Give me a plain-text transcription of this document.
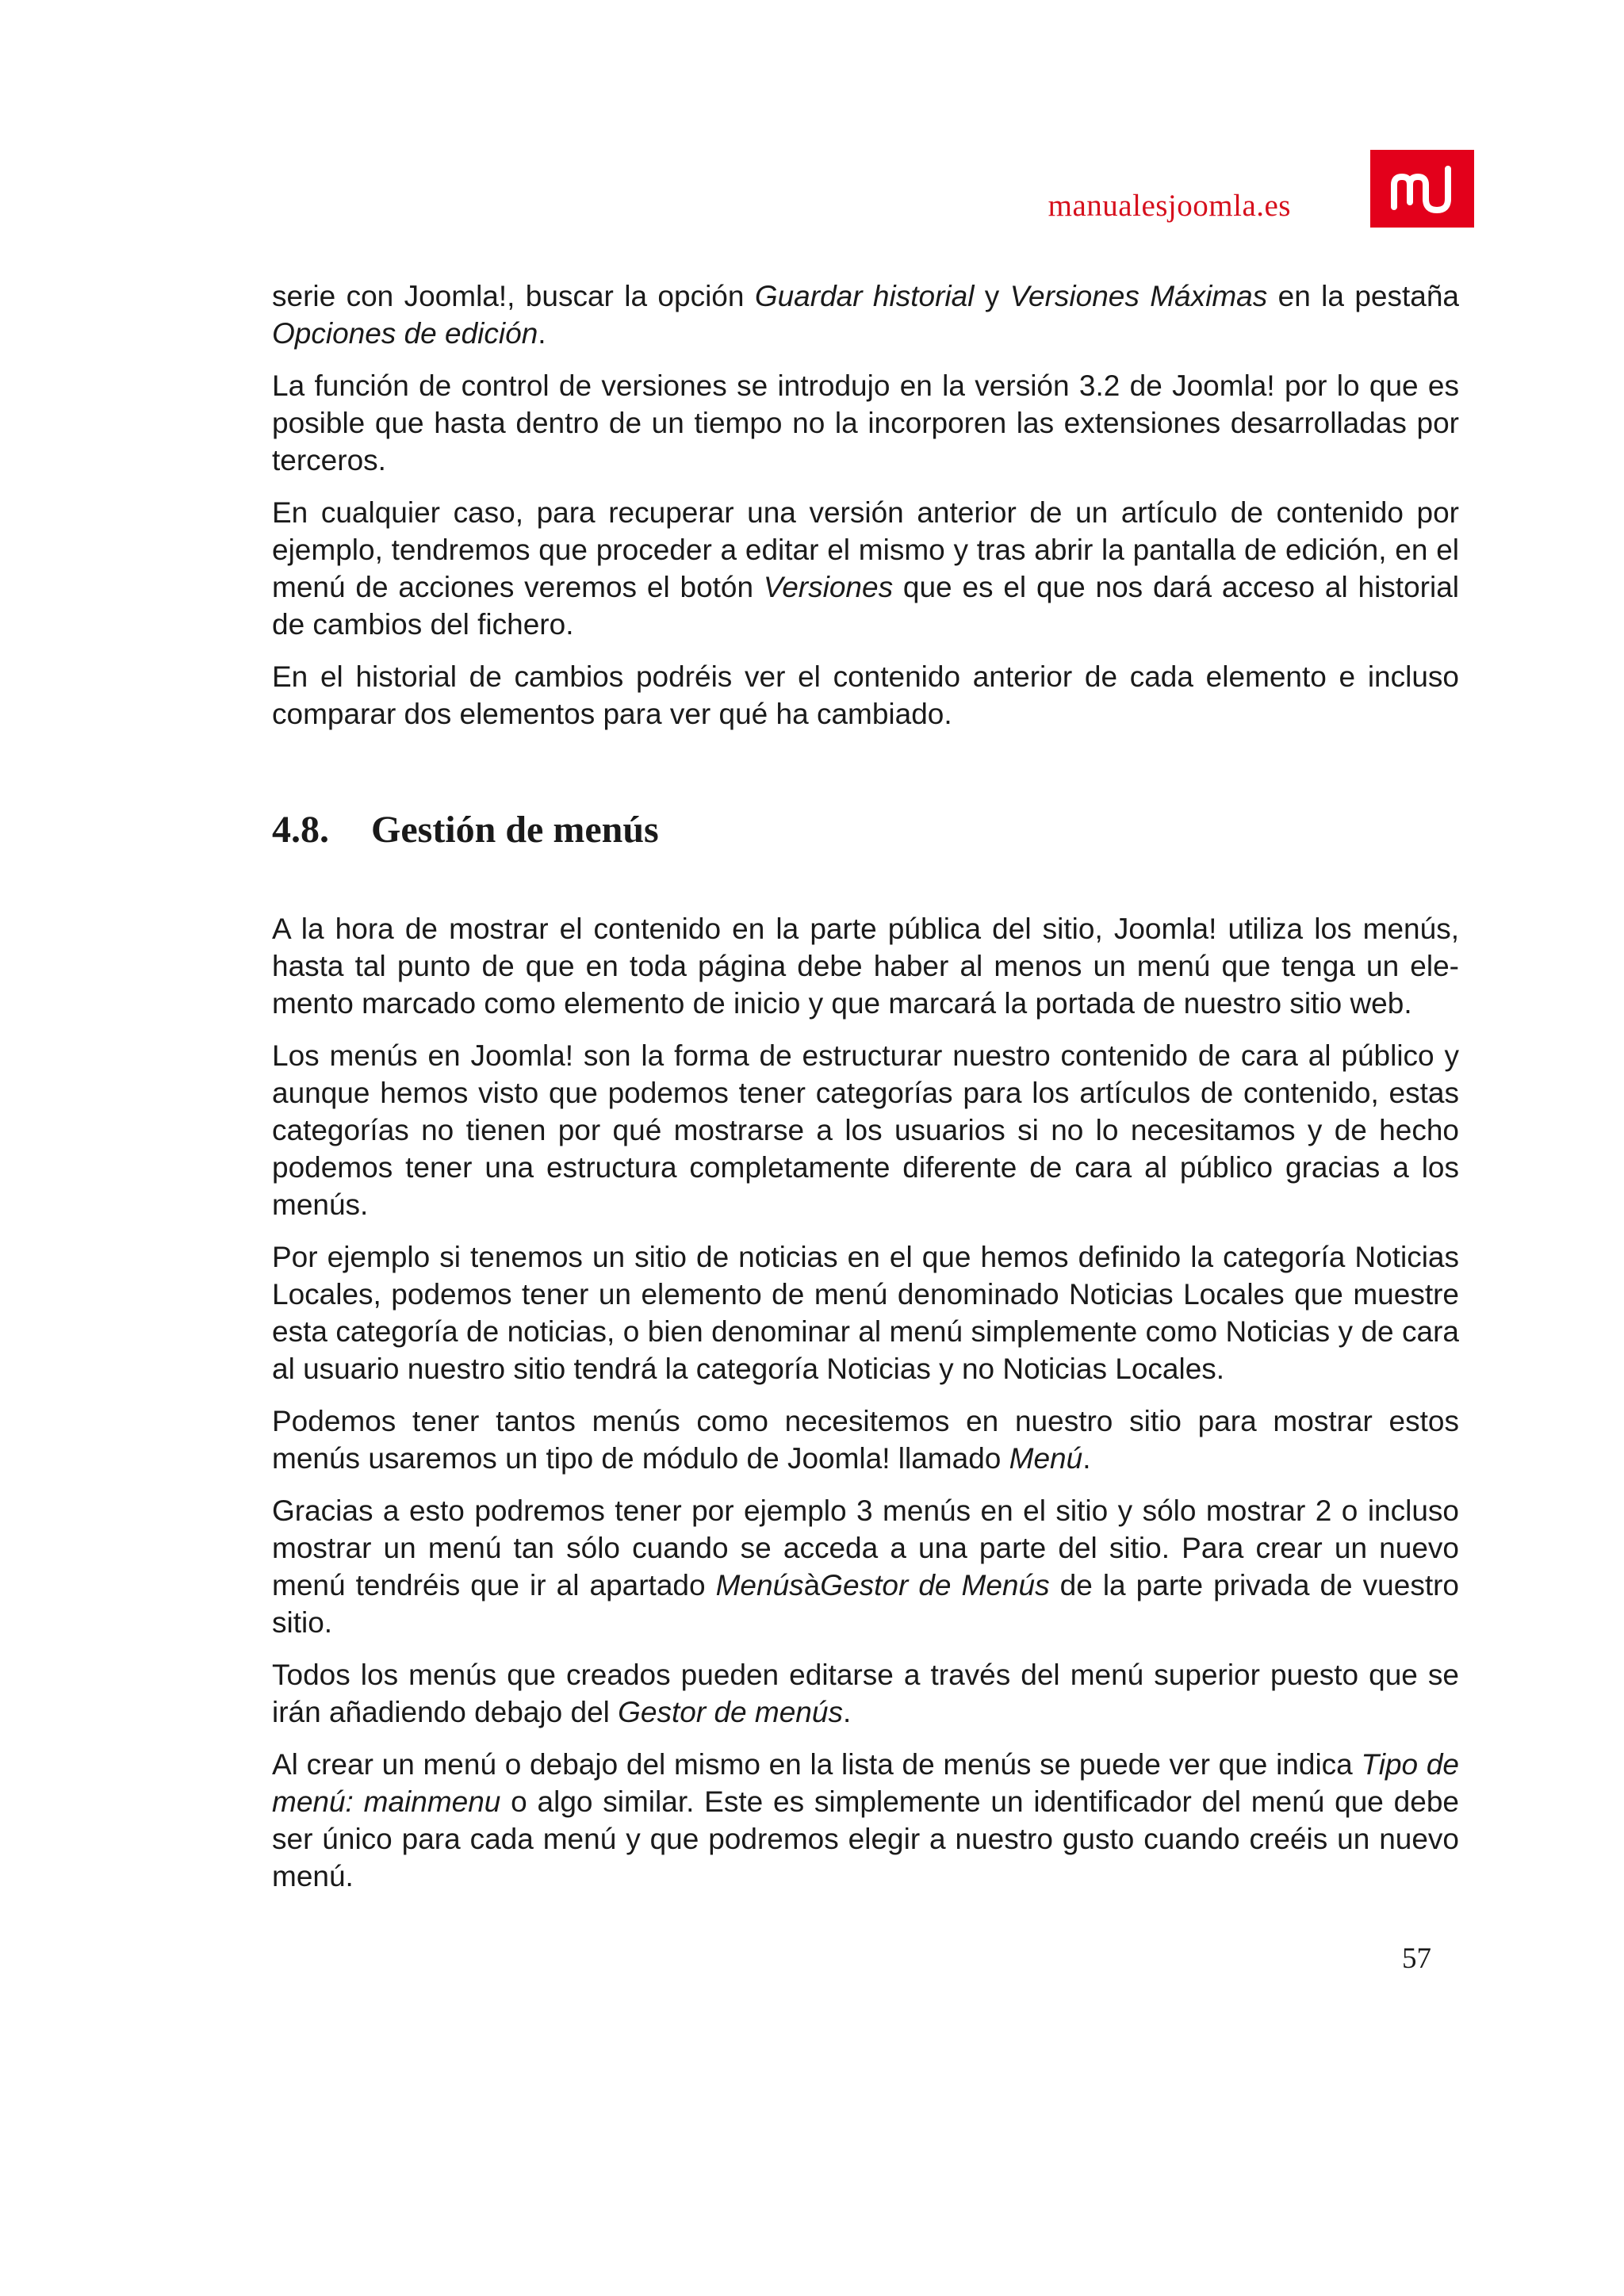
manualesjoomla.es

serie con Joomla!, buscar la opción Guardar historial y Versiones Máximas en la pestaña Opciones de edición.

La función de control de versiones se introdujo en la versión 3.2 de Joomla! por lo que es posible que hasta dentro de un tiempo no la incorporen las extensiones desarrolladas por terceros.

En cualquier caso, para recuperar una versión anterior de un artículo de contenido por ejemplo, tendremos que proceder a editar el mismo y tras abrir la pantalla de edición, en el menú de acciones veremos el botón Versiones que es el que nos dará acceso al historial de cambios del fichero.

En el historial de cambios podréis ver el contenido anterior de cada elemento e incluso comparar dos elementos para ver qué ha cambiado.

4.8. Gestión de menús

A la hora de mostrar el contenido en la parte pública del sitio, Joomla! utiliza los menús, hasta tal punto de que en toda página debe haber al menos un menú que tenga un elemento marcado como elemento de inicio y que marcará la portada de nuestro sitio web.

Los menús en Joomla! son la forma de estructurar nuestro contenido de cara al público y aunque hemos visto que podemos tener categorías para los artículos de contenido, estas categorías no tienen por qué mostrarse a los usuarios si no lo necesitamos y de hecho podemos tener una estructura completamente diferente de cara al público gracias a los menús.

Por ejemplo si tenemos un sitio de noticias en el que hemos definido la categoría Noticias Locales, podemos tener un elemento de menú denominado Noticias Locales que muestre esta categoría de noticias, o bien denominar al menú simplemente como Noticias y de cara al usuario nuestro sitio tendrá la categoría Noticias y no Noticias Locales.

Podemos tener tantos menús como necesitemos en nuestro sitio para mostrar estos menús usaremos un tipo de módulo de Joomla! llamado Menú.

Gracias a esto podremos tener por ejemplo 3 menús en el sitio y sólo mostrar 2 o incluso mostrar un menú tan sólo cuando se acceda a una parte del sitio. Para crear un nuevo menú tendréis que ir al apartado MenúsàGestor de Menús de la parte privada de vuestro sitio.

Todos los menús que creados pueden editarse a través del menú superior puesto que se irán añadiendo debajo del Gestor de menús.

Al crear un menú o debajo del mismo en la lista de menús se puede ver que indica Tipo de menú: mainmenu o algo similar. Este es simplemente un identificador del menú que debe ser único para cada menú y que podremos elegir a nuestro gusto cuando creéis un nuevo menú.

57
